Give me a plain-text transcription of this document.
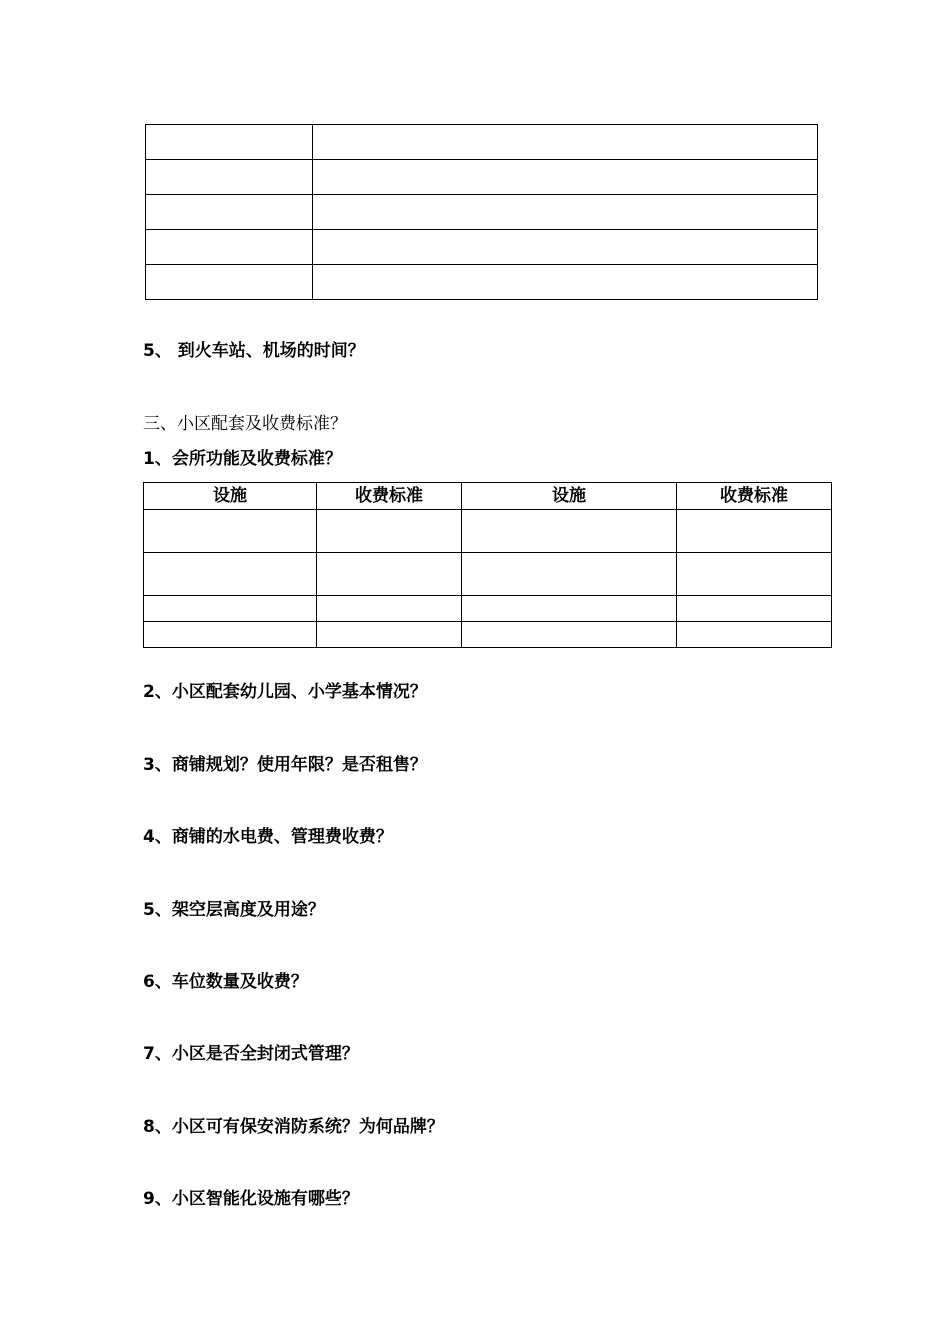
5、 到火车站、机场的时间？
三、小区配套及收费标准？
1、会所功能及收费标准？
设施	收费标准	设施	收费标准

2、小区配套幼儿园、小学基本情况？
3、商铺规划？使用年限？是否租售？
4、商铺的水电费、管理费收费？
5、架空层高度及用途？
6、车位数量及收费？
7、小区是否全封闭式管理？
8、小区可有保安消防系统？为何品牌？
9、小区智能化设施有哪些？
